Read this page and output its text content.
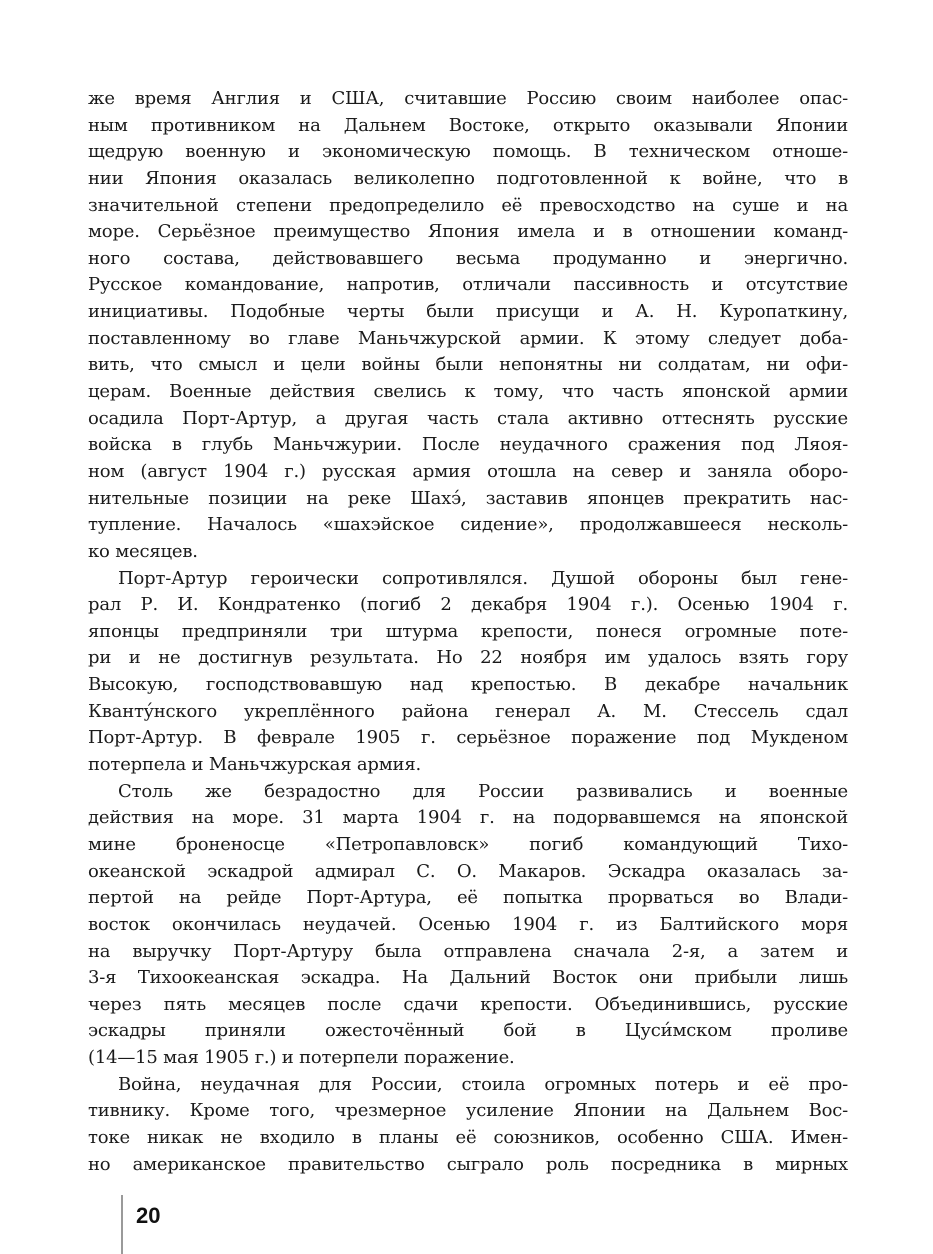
же время Англия и США, считавшие Россию своим наиболее опас-
ным противником на Дальнем Востоке, открыто оказывали Японии
щедрую военную и экономическую помощь. В техническом отноше-
нии Япония оказалась великолепно подготовленной к войне, что в
значительной степени предопределило её превосходство на суше и на
море. Серьёзное преимущество Япония имела и в отношении команд-
ного состава, действовавшего весьма продуманно и энергично.
Русское командование, напротив, отличали пассивность и отсутствие
инициативы. Подобные черты были присущи и А. Н. Куропаткину,
поставленному во главе Маньчжурской армии. К этому следует доба-
вить, что смысл и цели войны были непонятны ни солдатам, ни офи-
церам. Военные действия свелись к тому, что часть японской армии
осадила Порт-Артур, а другая часть стала активно оттеснять русские
войска в глубь Маньчжурии. После неудачного сражения под Ляоя-
ном (август 1904 г.) русская армия отошла на север и заняла оборо-
нительные позиции на реке Шахэ́, заставив японцев прекратить нас-
тупление. Началось «шахэйское сидение», продолжавшееся несколь-
ко месяцев.
Порт-Артур героически сопротивлялся. Душой обороны был гене-
рал Р. И. Кондратенко (погиб 2 декабря 1904 г.). Осенью 1904 г.
японцы предприняли три штурма крепости, понеся огромные поте-
ри и не достигнув результата. Но 22 ноября им удалось взять гору
Высокую, господствовавшую над крепостью. В декабре начальник
Квантýнского укреплённого района генерал А. М. Стессель сдал
Порт-Артур. В феврале 1905 г. серьёзное поражение под Мукденом
потерпела и Маньчжурская армия.
Столь же безрадостно для России развивались и военные
действия на море. 31 марта 1904 г. на подорвавшемся на японской
мине броненосце «Петропавловск» погиб командующий Тихо-
океанской эскадрой адмирал С. О. Макаров. Эскадра оказалась за-
пертой на рейде Порт-Артура, её попытка прорваться во Влади-
восток окончилась неудачей. Осенью 1904 г. из Балтийского моря
на выручку Порт-Артуру была отправлена сначала 2-я, а затем и
3-я Тихоокеанская эскадра. На Дальний Восток они прибыли лишь
через пять месяцев после сдачи крепости. Объединившись, русские
эскадры приняли ожесточённый бой в Цуси́мском проливе
(14—15 мая 1905 г.) и потерпели поражение.
Война, неудачная для России, стоила огромных потерь и её про-
тивнику. Кроме того, чрезмерное усиление Японии на Дальнем Вос-
токе никак не входило в планы её союзников, особенно США. Имен-
но американское правительство сыграло роль посредника в мирных
20
